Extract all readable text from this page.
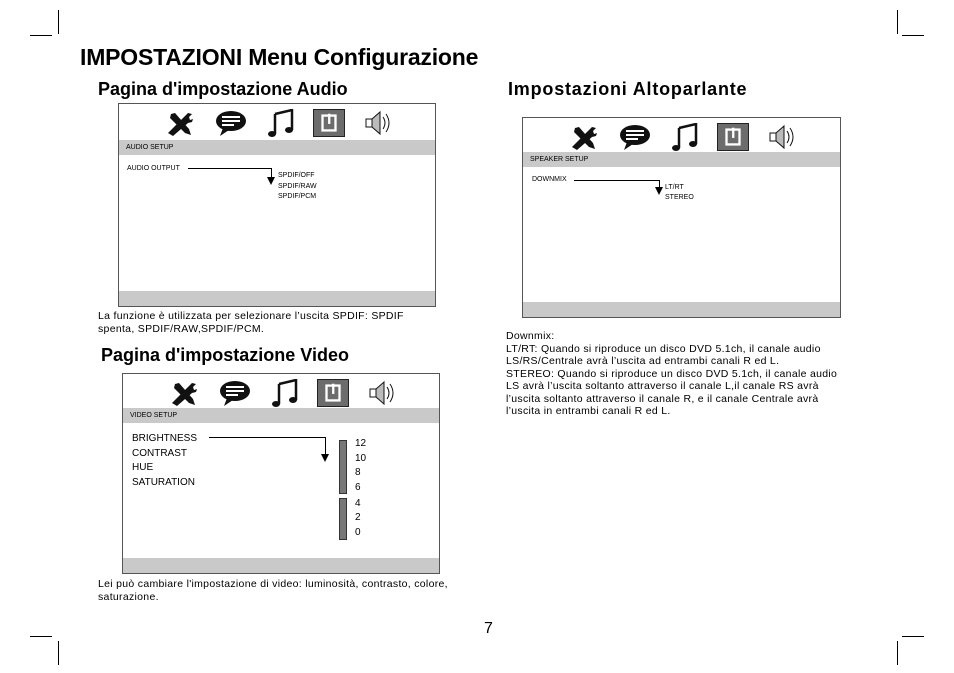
IMPOSTAZIONI Menu Configurazione
Pagina d'impostazione Audio
AUDIO SETUP
AUDIO OUTPUT
SPDIF/OFF
SPDIF/RAW
SPDIF/PCM
La funzione è utilizzata per selezionare l’uscita SPDIF: SPDIF spenta, SPDIF/RAW,SPDIF/PCM.
Pagina d'impostazione Video
VIDEO SETUP
BRIGHTNESS
CONTRAST
HUE
SATURATION
12
10
8
6
4
2
0
Lei può cambiare l'impostazione di video: luminosità, contrasto, colore, saturazione.
Impostazioni Altoparlante
SPEAKER SETUP
DOWNMIX
LT/RT
STEREO
Downmix:
LT/RT: Quando si riproduce un disco DVD 5.1ch, il canale audio
LS/RS/Centrale avrà l’uscita ad entrambi canali R ed L.
STEREO: Quando si riproduce un disco DVD 5.1ch, il canale audio
LS avrà l’uscita soltanto attraverso il canale L,il canale RS avrà
l’uscita soltanto attraverso il canale R, e il canale Centrale avrà
l’uscita in entrambi canali R ed L.
7
